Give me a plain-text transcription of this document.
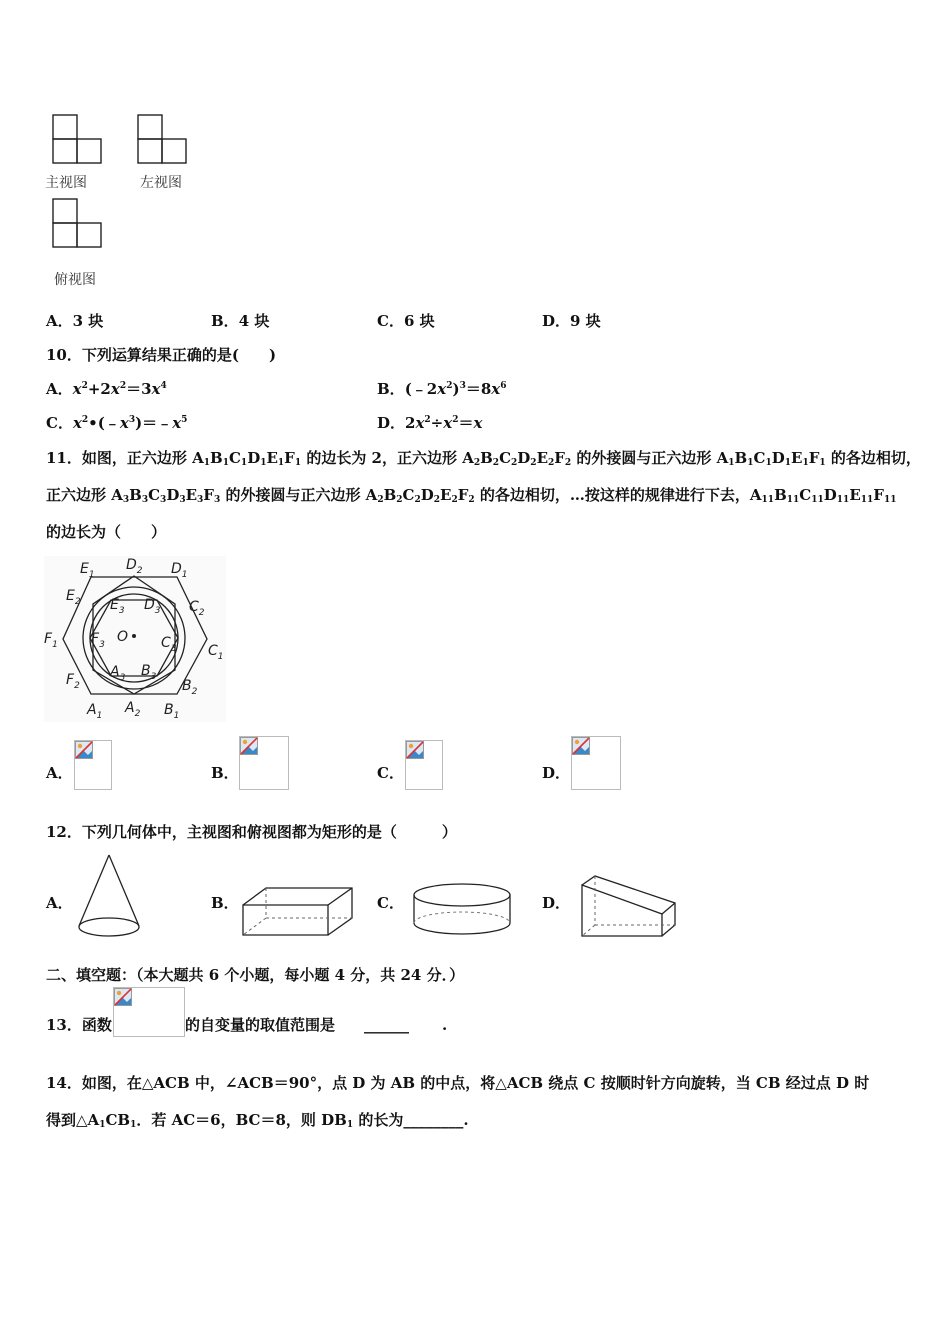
主视图	左视图
俯视图
A．3 块	B．4 块	C．6 块	D．9 块
10．下列运算结果正确的是(　　)
A．$x^2+2x^2=3x^4$	B．$(﹣2x^2)^3=8x^6$
C．$x^2•(﹣x^3)=﹣x^5$	D．$2x^2\div x^2=x$
11．如图，正六边形 $A_1B_1C_1D_1E_1F_1$ 的边长为 2，正六边形 $A_2B_2C_2D_2E_2F_2$ 的外接圆与正六边形 $A_1B_1C_1D_1E_1F_1$ 的各边相切，
正六边形 $A_3B_3C_3D_3E_3F_3$ 的外接圆与正六边形 $A_2B_2C_2D_2E_2F_2$ 的各边相切，…按这样的规律进行下去，$A_{11}B_{11}C_{11}D_{11}E_{11}F_{11}$
的边长为（　　）
$E_1$
$D_2$ $D_1$
$E_2$ $E_3$ $D_3$ $C_2$
$F_1$ $F_3$ O $C_3$ $C_1$
$F_2$
$A_3$ $B_3$
$B_2$
$A_1$ $A_2$ $B_1$
A．	B．	C．	D．
12．下列几何体中，主视图和俯视图都为矩形的是（　　　）
A．	B．	C．	D．
二、填空题：（本大题共 6 个小题，每小题 4 分，共 24 分．）
13．函数	的自变量的取值范围是 ______ .
14．如图，在△ACB 中，∠ACB＝90°，点 D 为 AB 的中点，将△ACB 绕点 C 按顺时针方向旋转，当 CB 经过点 D 时
得到$\triangle A_1CB_1$．若 AC＝6，BC＝8，则 $DB_1$ 的长为________.
